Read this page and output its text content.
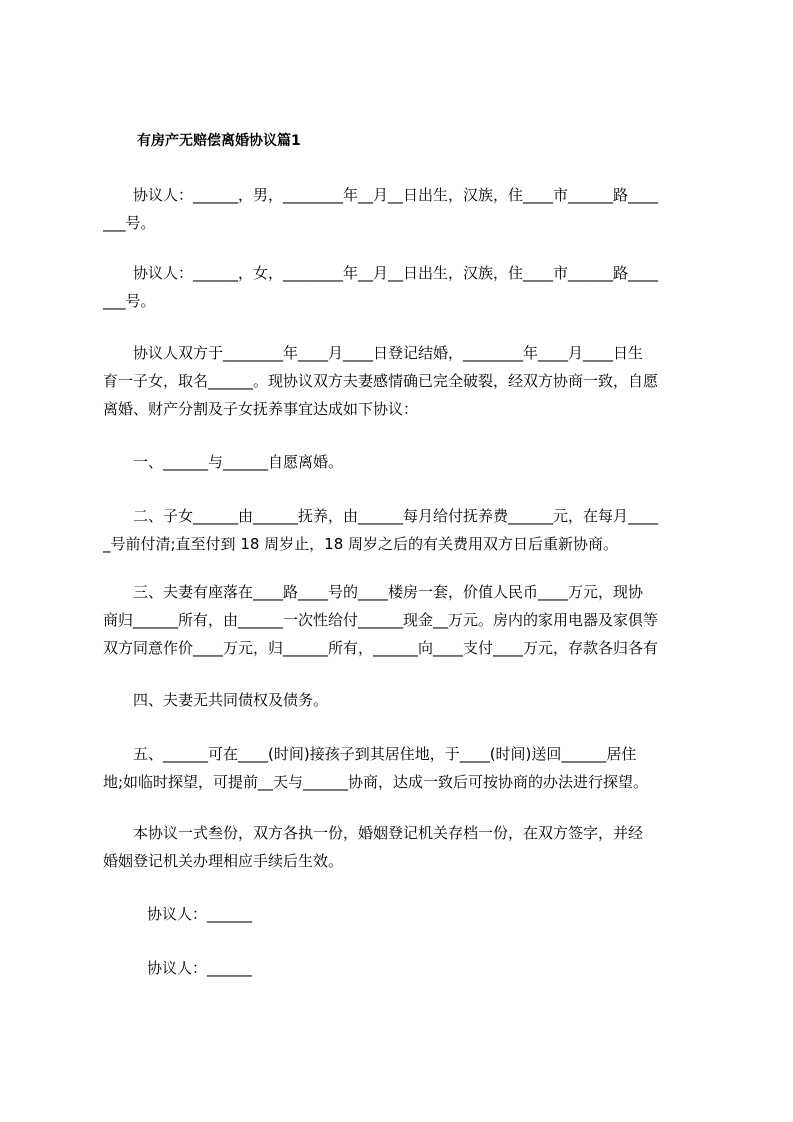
有房产无赔偿离婚协议篇1
　　协议人：______，男，________年__月__日出生，汉族，住____市______路____
___号。
　　协议人：______，女，________年__月__日出生，汉族，住____市______路____
___号。
　　协议人双方于________年____月____日登记结婚，________年____月____日生
育一子女，取名______。现协议双方夫妻感情确已完全破裂，经双方协商一致，自愿
离婚、财产分割及子女抚养事宜达成如下协议：
　　一、______与______自愿离婚。
　　二、子女______由______抚养，由______每月给付抚养费______元，在每月____
_号前付清;直至付到 18 周岁止，18 周岁之后的有关费用双方日后重新协商。
　　三、夫妻有座落在____路____号的____楼房一套，价值人民币____万元，现协
商归______所有，由______一次性给付______现金__万元。房内的家用电器及家俱等
双方同意作价____万元，归______所有，______向____支付____万元，存款各归各有
　　四、夫妻无共同债权及债务。
　　五、______可在____(时间)接孩子到其居住地，于____(时间)送回______居住
地;如临时探望，可提前__天与______协商，达成一致后可按协商的办法进行探望。
　　本协议一式叁份，双方各执一份，婚姻登记机关存档一份，在双方签字，并经
婚姻登记机关办理相应手续后生效。
协议人：______
协议人：______
